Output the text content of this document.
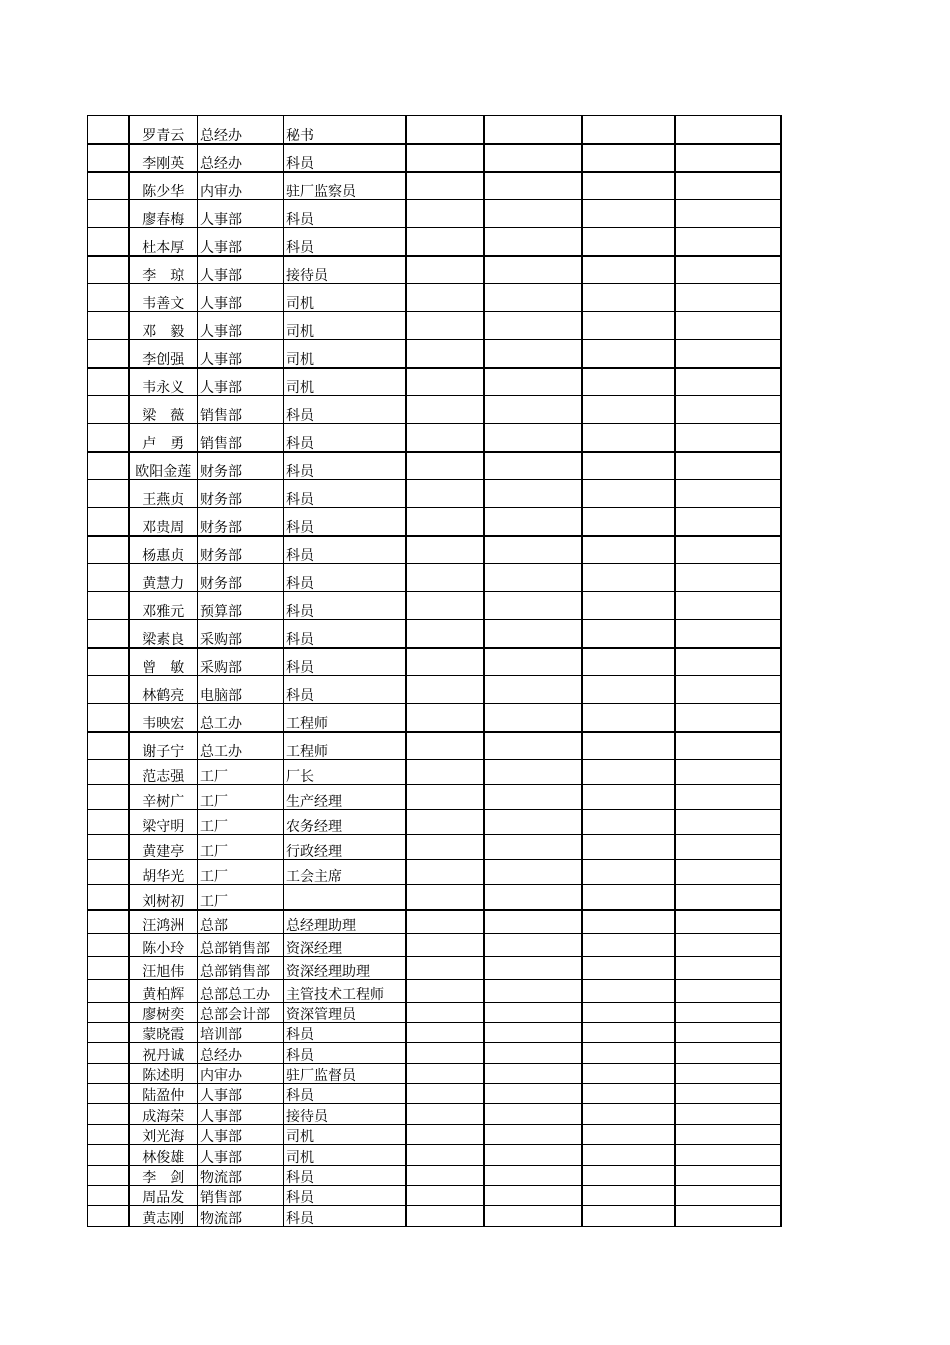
	罗青云	总经办	秘书				
	李刚英	总经办	科员				
	陈少华	内审办	驻厂监察员				
	廖春梅	人事部	科员				
	杜本厚	人事部	科员				
	李　琼	人事部	接待员				
	韦善文	人事部	司机				
	邓　毅	人事部	司机				
	李创强	人事部	司机				
	韦永义	人事部	司机				
	梁　薇	销售部	科员				
	卢　勇	销售部	科员				
	欧阳金莲	财务部	科员				
	王燕贞	财务部	科员				
	邓贵周	财务部	科员				
	杨惠贞	财务部	科员				
	黄慧力	财务部	科员				
	邓雅元	预算部	科员				
	梁素良	采购部	科员				
	曾　敏	采购部	科员				
	林鹤亮	电脑部	科员				
	韦映宏	总工办	工程师				
	谢子宁	总工办	工程师				
	范志强	工厂	厂长				
	辛树广	工厂	生产经理				
	梁守明	工厂	农务经理				
	黄建亭	工厂	行政经理				
	胡华光	工厂	工会主席				
	刘树初	工厂					
	汪鸿洲	总部	总经理助理				
	陈小玲	总部销售部	资深经理				
	汪旭伟	总部销售部	资深经理助理				
	黄柏辉	总部总工办	主管技术工程师				
	廖树奕	总部会计部	资深管理员				
	蒙晓霞	培训部	科员				
	祝丹诚	总经办	科员				
	陈述明	内审办	驻厂监督员				
	陆盈仲	人事部	科员				
	成海荣	人事部	接待员				
	刘光海	人事部	司机				
	林俊雄	人事部	司机				
	李　剑	物流部	科员				
	周品发	销售部	科员				
	黄志刚	物流部	科员				
